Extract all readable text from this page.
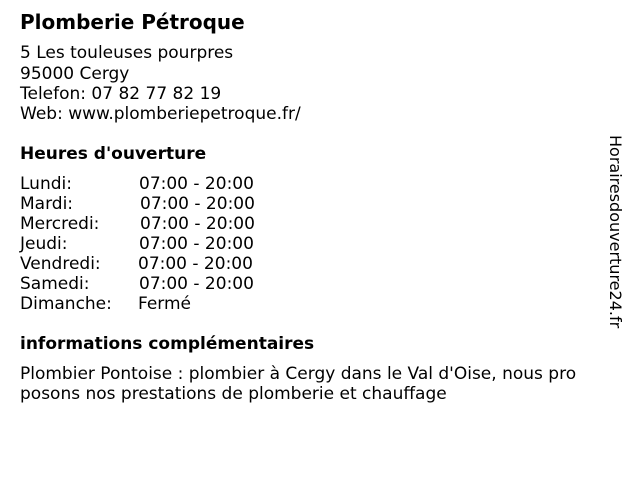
Plomberie Pétroque
5 Les touleuses pourpres
95000 Cergy
Telefon: 07 82 77 82 19
Web: www.plomberiepetroque.fr/
Heures d'ouverture
Lundi:	07:00 - 20:00
Mardi:	07:00 - 20:00
Mercredi: 07:00 - 20:00
Jeudi:	07:00 - 20:00
Vendredi: 07:00 - 20:00
Samedi:	07:00 - 20:00
Dimanche: Fermé
informations complémentaires
Plombier Pontoise : plombier à Cergy dans le Val d'Oise, nous pro
posons nos prestations de plomberie et chauffage
Horairesdouverture24.fr
